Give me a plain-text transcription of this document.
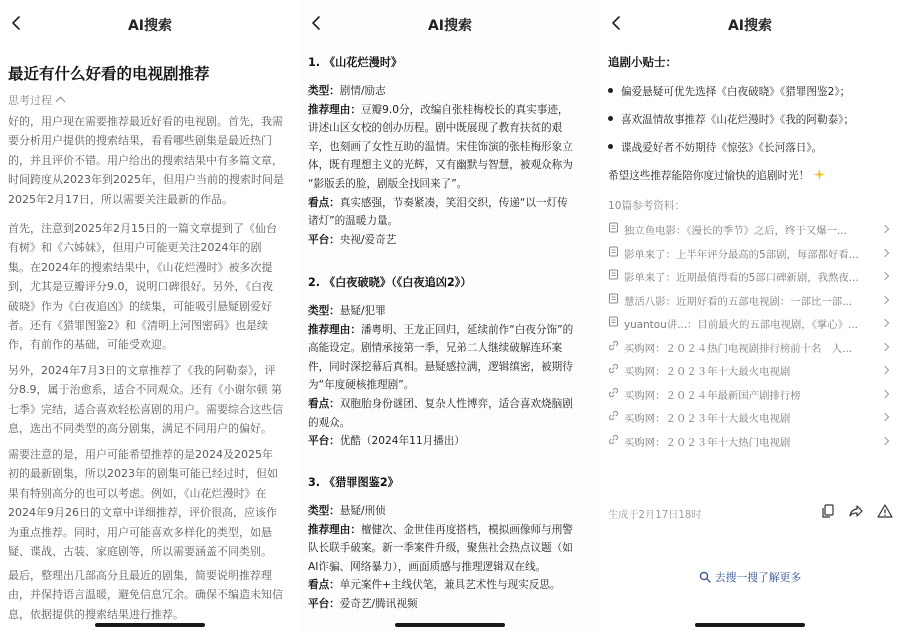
AI搜索
最近有什么好看的电视剧推荐
思考过程
好的，用户现在需要推荐最近好看的电视剧。首先，我需
要分析用户提供的搜索结果，看看哪些剧集是最近热门
的，并且评价不错。用户给出的搜索结果中有多篇文章，
时间跨度从2023年到2025年，但用户当前的搜索时间是
2025年2月17日，所以需要关注最新的作品。
首先，注意到2025年2月15日的一篇文章提到了《仙台
有树》和《六姊妹》，但用户可能更关注2024年的剧
集。在2024年的搜索结果中，《山花烂漫时》被多次提
到，尤其是豆瓣评分9.0，说明口碑很好。另外，《白夜
破晓》作为《白夜追凶》的续集，可能吸引悬疑剧爱好
者。还有《猎罪图鉴2》和《清明上河图密码》也是续
作，有前作的基础，可能受欢迎。
另外，2024年7月3日的文章推荐了《我的阿勒泰》，评
分8.9，属于治愈系，适合不同观众。还有《小谢尔顿 第
七季》完结，适合喜欢轻松喜剧的用户。需要综合这些信
息，选出不同类型的高分剧集，满足不同用户的偏好。
需要注意的是，用户可能希望推荐的是2024及2025年
初的最新剧集，所以2023年的剧集可能已经过时，但如
果有特别高分的也可以考虑。例如，《山花烂漫时》在
2024年9月26日的文章中详细推荐，评价很高，应该作
为重点推荐。同时，用户可能喜欢多样化的类型，如悬
疑、谍战、古装、家庭剧等，所以需要涵盖不同类别。
最后，整理出几部高分且最近的剧集，简要说明推荐理
由，并保持语言温暖，避免信息冗余。确保不编造未知信
息，依据提供的搜索结果进行推荐。
AI搜索
1. 《山花烂漫时》
类型：剧情/励志
推荐理由：豆瓣9.0分，改编自张桂梅校长的真实事迹，
讲述山区女校的创办历程。剧中既展现了教育扶贫的艰
辛，也刻画了女性互助的温情。宋佳饰演的张桂梅形象立
体，既有理想主义的光辉，又有幽默与智慧，被观众称为
“影版丢的脸，剧版全找回来了”。
看点：真实感强，节奏紧凑，笑泪交织，传递“以一灯传
诸灯”的温暖力量。
平台：央视/爱奇艺
2. 《白夜破晓》（《白夜追凶2》）
类型：悬疑/犯罪
推荐理由：潘粤明、王龙正回归，延续前作“白夜分饰”的
高能设定。剧情承接第一季，兄弟二人继续破解连环案
件，同时深挖幕后真相。悬疑感拉满，逻辑缜密，被期待
为“年度硬核推理剧”。
看点：双胞胎身份谜团、复杂人性博弈，适合喜欢烧脑剧
的观众。
平台：优酷（2024年11月播出）
3. 《猎罪图鉴2》
类型：悬疑/刑侦
推荐理由：檀健次、金世佳再度搭档，模拟画像师与刑警
队长联手破案。新一季案件升级，聚焦社会热点议题（如
AI诈骗、网络暴力），画面质感与推理逻辑双在线。
看点：单元案件+主线伏笔，兼具艺术性与现实反思。
平台：爱奇艺/腾讯视频
AI搜索
追剧小贴士：
偏爱悬疑可优先选择《白夜破晓》《猎罪图鉴2》；
喜欢温情故事推荐《山花烂漫时》《我的阿勒泰》；
谍战爱好者不妨期待《惊弦》《长河落日》。
希望这些推荐能陪你度过愉快的追剧时光！
10篇参考资料：
独立鱼电影：《漫长的季节》之后，终于又爆一...
影单来了：上半年评分最高的5部剧，每部都好看...
影单来了：近期最值得看的5部口碑新剧，我熬夜...
慧活八影：近期好看的五部电视剧：一部比一部...
yuantou讲...：目前最火的五部电视剧，《掌心》...
买购网：２０２４热门电视剧排行榜前十名　人...
买购网：２０２３年十大最火电视剧
买购网：２０２４年最新国产剧排行榜
买购网：２０２３年十大最火电视剧
买购网：２０２３年十大热门电视剧
生成于2月17日18时
去搜一搜了解更多
